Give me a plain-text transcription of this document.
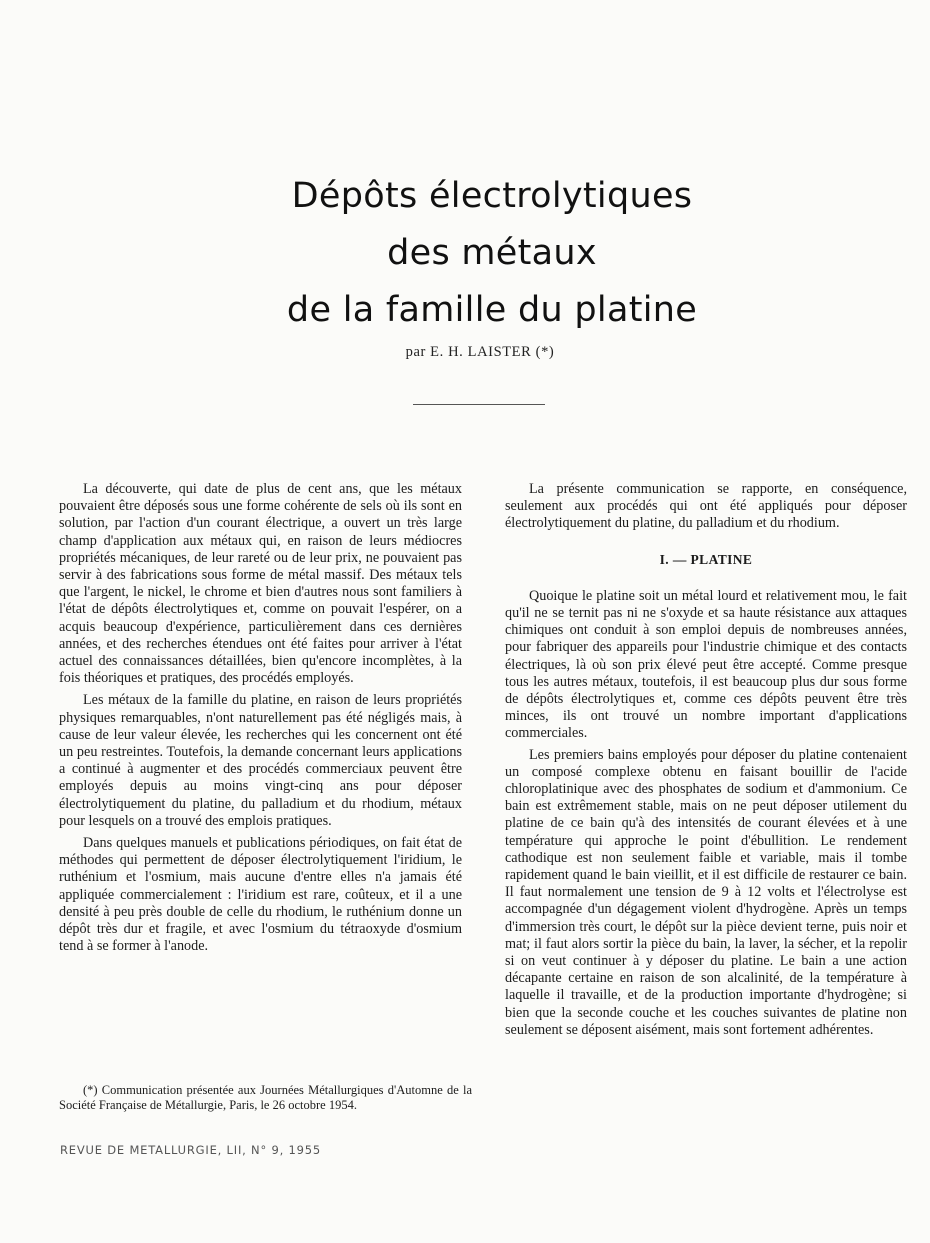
Dépôts électrolytiques
des métaux
de la famille du platine
par E. H. LAISTER (*)

La découverte, qui date de plus de cent ans, que les métaux pouvaient être déposés sous une forme cohérente de sels où ils sont en solution, par l'action d'un courant électrique, a ouvert un très large champ d'application aux métaux qui, en raison de leurs médiocres propriétés mécaniques, de leur rareté ou de leur prix, ne pouvaient pas servir à des fabrications sous forme de métal massif. Des métaux tels que l'argent, le nickel, le chrome et bien d'autres nous sont familiers à l'état de dépôts électrolytiques et, comme on pouvait l'espérer, on a acquis beaucoup d'expérience, particulièrement dans ces dernières années, et des recherches étendues ont été faites pour arriver à l'état actuel des connaissances détaillées, bien qu'encore incomplètes, à la fois théoriques et pratiques, des procédés employés.

Les métaux de la famille du platine, en raison de leurs propriétés physiques remarquables, n'ont naturellement pas été négligés mais, à cause de leur valeur élevée, les recherches qui les concernent ont été un peu restreintes. Toutefois, la demande concernant leurs applications a continué à augmenter et des procédés commerciaux peuvent être employés depuis au moins vingt-cinq ans pour déposer électrolytiquement du platine, du palladium et du rhodium, métaux pour lesquels on a trouvé des emplois pratiques.

Dans quelques manuels et publications périodiques, on fait état de méthodes qui permettent de déposer électrolytiquement l'iridium, le ruthénium et l'osmium, mais aucune d'entre elles n'a jamais été appliquée commercialement : l'iridium est rare, coûteux, et il a une densité à peu près double de celle du rhodium, le ruthénium donne un dépôt très dur et fragile, et avec l'osmium du tétraoxyde d'osmium tend à se former à l'anode.

La présente communication se rapporte, en conséquence, seulement aux procédés qui ont été appliqués pour déposer électrolytiquement du platine, du palladium et du rhodium.

I. — PLATINE

Quoique le platine soit un métal lourd et relativement mou, le fait qu'il ne se ternit pas ni ne s'oxyde et sa haute résistance aux attaques chimiques ont conduit à son emploi depuis de nombreuses années, pour fabriquer des appareils pour l'industrie chimique et des contacts électriques, là où son prix élevé peut être accepté. Comme presque tous les autres métaux, toutefois, il est beaucoup plus dur sous forme de dépôts électrolytiques et, comme ces dépôts peuvent être très minces, ils ont trouvé un nombre important d'applications commerciales.

Les premiers bains employés pour déposer du platine contenaient un composé complexe obtenu en faisant bouillir de l'acide chloroplatinique avec des phosphates de sodium et d'ammonium. Ce bain est extrêmement stable, mais on ne peut déposer utilement du platine de ce bain qu'à des intensités de courant élevées et à une température qui approche le point d'ébullition. Le rendement cathodique est non seulement faible et variable, mais il tombe rapidement quand le bain vieillit, et il est difficile de restaurer ce bain. Il faut normalement une tension de 9 à 12 volts et l'électrolyse est accompagnée d'un dégagement violent d'hydrogène. Après un temps d'immersion très court, le dépôt sur la pièce devient terne, puis noir et mat; il faut alors sortir la pièce du bain, la laver, la sécher, et la repolir si on veut continuer à y déposer du platine. Le bain a une action décapante certaine en raison de son alcalinité, de la température à laquelle il travaille, et de la production importante d'hydrogène; si bien que la seconde couche et les couches suivantes de platine non seulement se déposent aisément, mais sont fortement adhérentes.

(*) Communication présentée aux Journées Métallurgiques d'Automne de la Société Française de Métallurgie, Paris, le 26 octobre 1954.

REVUE DE METALLURGIE, LII, N° 9, 1955
